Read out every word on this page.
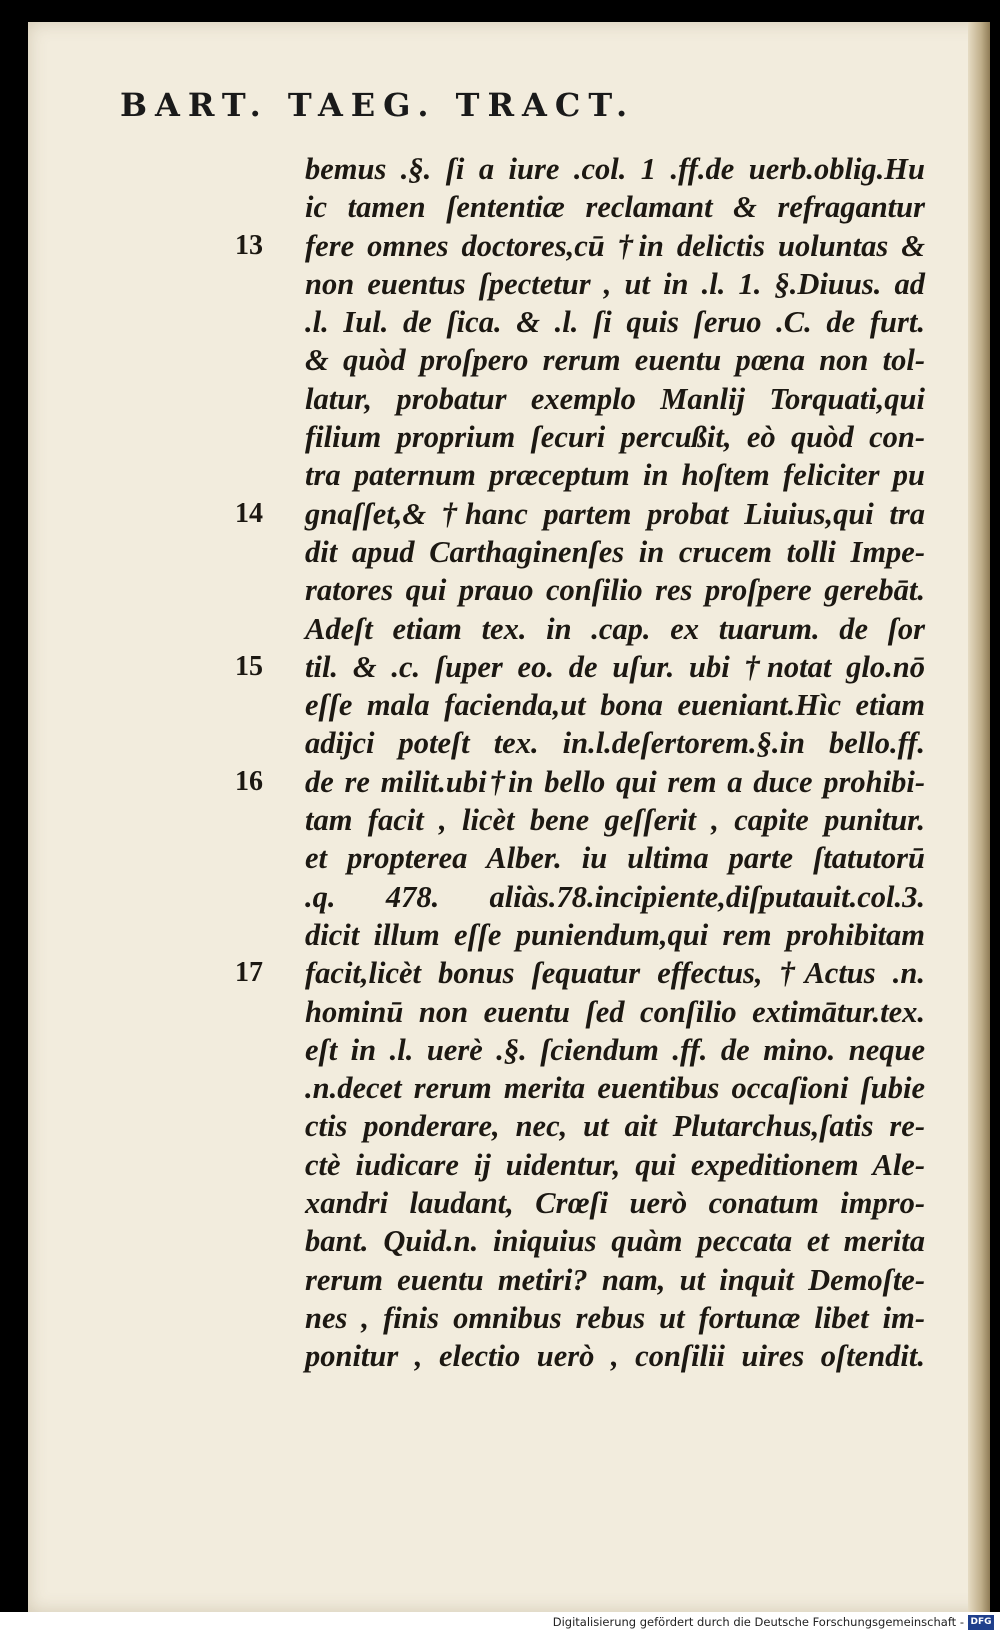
BART. TAEG. TRACT.
bemus .§. ſi a iure .col. 1 .ff.de uerb.oblig.Hu
ic tamen ſententiæ reclamant & refragantur
fere omnes doctores,cū †in delictis uoluntas &
13
non euentus ſpectetur , ut in .l. 1. §.Diuus. ad
.l. Iul. de ſica. & .l. ſi quis ſeruo .C. de furt.
& quòd proſpero rerum euentu pœna non tol-
latur, probatur exemplo Manlij Torquati,qui
filium proprium ſecuri percußit, eò quòd con-
tra paternum præceptum in hoſtem feliciter pu
gnaſſet,& †hanc partem probat Liuius,qui tra
14
dit apud Carthaginenſes in crucem tolli Impe-
ratores qui prauo conſilio res proſpere gerebāt.
Adeſt etiam tex. in .cap. ex tuarum. de ſor
til. & .c. ſuper eo. de uſur. ubi †notat glo.nō
15
eſſe mala facienda,ut bona eueniant.Hìc etiam
adijci poteſt tex. in.l.deſertorem.§.in bello.ff.
de re milit.ubi†in bello qui rem a duce prohibi-
16
tam facit , licèt bene geſſerit , capite punitur.
et propterea Alber. iu ultima parte ſtatutorū
.q. 478. aliàs.78.incipiente,diſputauit.col.3.
dicit illum eſſe puniendum,qui rem prohibitam
facit,licèt bonus ſequatur effectus, †Actus .n.
17
hominū non euentu ſed conſilio extimātur.tex.
eſt in .l. uerè .§. ſciendum .ff. de mino. neque
.n.decet rerum merita euentibus occaſioni ſubie
ctis ponderare, nec, ut ait Plutarchus,ſatis re-
ctè iudicare ij uidentur, qui expeditionem Ale-
xandri laudant, Crœſi uerò conatum impro-
bant. Quid.n. iniquius quàm peccata et merita
rerum euentu metiri? nam, ut inquit Demoſte-
nes , finis omnibus rebus ut fortunæ libet im-
ponitur , electio uerò , conſilii uires oſtendit.
Digitalisierung gefördert durch die Deutsche Forschungsgemeinschaft - DFG
